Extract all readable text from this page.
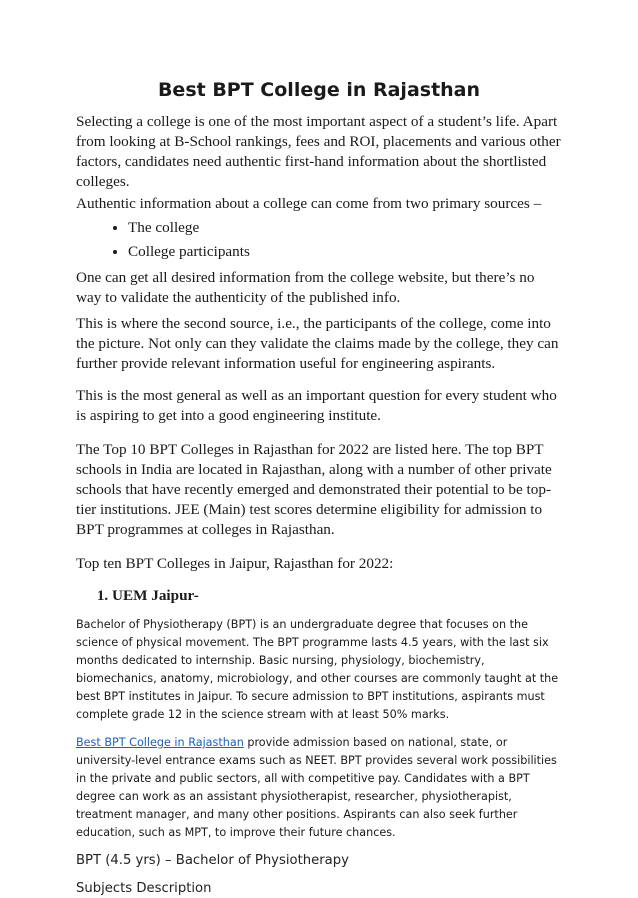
Best BPT College in Rajasthan

Selecting a college is one of the most important aspect of a student’s life. Apart from looking at B-School rankings, fees and ROI, placements and various other factors, candidates need authentic first-hand information about the shortlisted colleges.

Authentic information about a college can come from two primary sources –

• The college
• College participants

One can get all desired information from the college website, but there’s no way to validate the authenticity of the published info.

This is where the second source, i.e., the participants of the college, come into the picture. Not only can they validate the claims made by the college, they can further provide relevant information useful for engineering aspirants.

This is the most general as well as an important question for every student who is aspiring to get into a good engineering institute.

The Top 10 BPT Colleges in Rajasthan for 2022 are listed here. The top BPT schools in India are located in Rajasthan, along with a number of other private schools that have recently emerged and demonstrated their potential to be top-tier institutions. JEE (Main) test scores determine eligibility for admission to BPT programmes at colleges in Rajasthan.

Top ten BPT Colleges in Jaipur, Rajasthan for 2022:

1. UEM Jaipur-

Bachelor of Physiotherapy (BPT) is an undergraduate degree that focuses on the science of physical movement. The BPT programme lasts 4.5 years, with the last six months dedicated to internship. Basic nursing, physiology, biochemistry, biomechanics, anatomy, microbiology, and other courses are commonly taught at the best BPT institutes in Jaipur. To secure admission to BPT institutions, aspirants must complete grade 12 in the science stream with at least 50% marks.

Best BPT College in Rajasthan provide admission based on national, state, or university-level entrance exams such as NEET. BPT provides several work possibilities in the private and public sectors, all with competitive pay. Candidates with a BPT degree can work as an assistant physiotherapist, researcher, physiotherapist, treatment manager, and many other positions. Aspirants can also seek further education, such as MPT, to improve their future chances.

BPT (4.5 yrs) – Bachelor of Physiotherapy

Subjects Description
